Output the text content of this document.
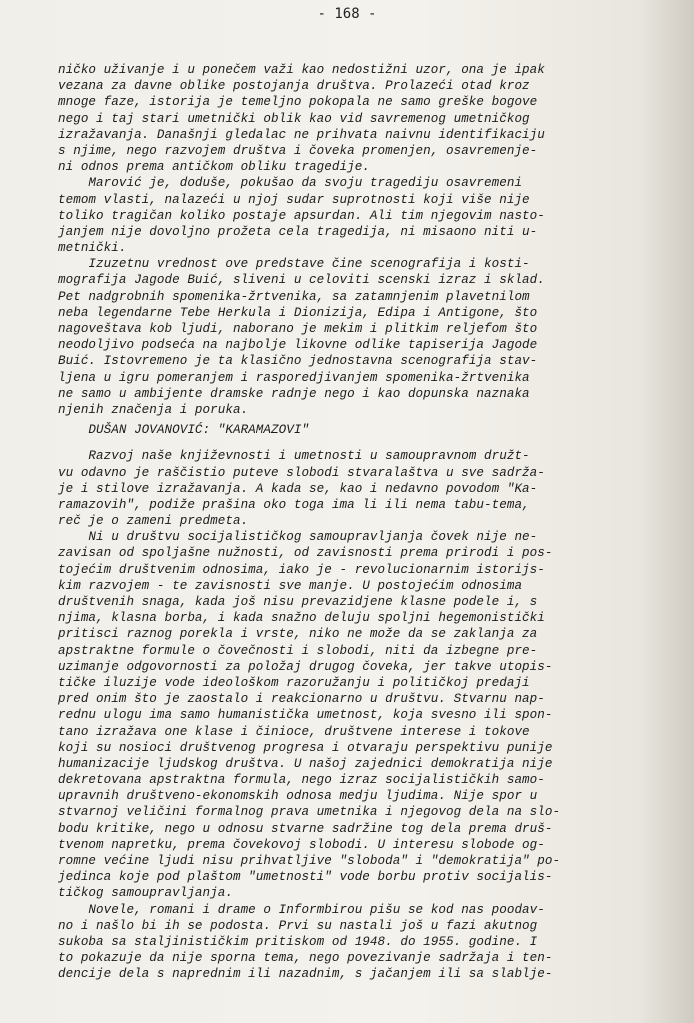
- 168 -
ničko uživanje i u ponečem važi kao nedostižni uzor, ona je ipak
vezana za davne oblike postojanja društva. Prolazeći otad kroz
mnoge faze, istorija je temeljno pokopala ne samo greške bogove
nego i taj stari umetnički oblik kao vid savremenog umetničkog
izražavanja. Današnji gledalac ne prihvata naivnu identifikaciju
s njime, nego razvojem društva i čoveka promenjen, osavremenje-
ni odnos prema antičkom obliku tragedije.
Marović je, doduše, pokušao da svoju tragediju osavremeni
temom vlasti, nalazeći u njoj sudar suprotnosti koji više nije
toliko tragičan koliko postaje apsurdan. Ali tim njegovim nasto-
janjem nije dovoljno prožeta cela tragedija, ni misaono niti u-
metnički.
Izuzetnu vrednost ove predstave čine scenografija i kosti-
mografija Jagode Buić, sliveni u celoviti scenski izraz i sklad.
Pet nadgrobnih spomenika-žrtvenika, sa zatamnjenim plavetnilom
neba legendarne Tebe Herkula i Dionizija, Edipa i Antigone, što
nagoveštava kob ljudi, naborano je mekim i plitkim reljefom što
neodoljivo podseća na najbolje likovne odlike tapiserija Jagode
Buić. Istovremeno je ta klasično jednostavna scenografija stav-
ljena u igru pomeranjem i rasporedjivanjem spomenika-žrtvenika
ne samo u ambijente dramske radnje nego i kao dopunska naznaka
njenih značenja i poruka.
DUŠAN JOVANOVIĆ: "KARAMAZOVI"
Razvoj naše književnosti i umetnosti u samoupravnom družt-
vu odavno je raščistio puteve slobodi stvaralaštva u sve sadrža-
je i stilove izražavanja. A kada se, kao i nedavno povodom "Ka-
ramazovih", podiže prašina oko toga ima li ili nema tabu-tema,
reč je o zameni predmeta.
Ni u društvu socijalističkog samoupravljanja čovek nije ne-
zavisan od spoljašne nužnosti, od zavisnosti prema prirodi i pos-
tojećim društvenim odnosima, iako je - revolucionarnim istorijs-
kim razvojem - te zavisnosti sve manje. U postojećim odnosima
društvenih snaga, kada još nisu prevazidjene klasne podele i, s
njima, klasna borba, i kada snažno deluju spoljni hegemonistički
pritisci raznog porekla i vrste, niko ne može da se zaklanja za
apstraktne formule o čovečnosti i slobodi, niti da izbegne pre-
uzimanje odgovornosti za položaj drugog čoveka, jer takve utopis-
tičke iluzije vode ideološkom razoružanju i političkoj predaji
pred onim što je zaostalo i reakcionarno u društvu. Stvarnu nap-
rednu ulogu ima samo humanistička umetnost, koja svesno ili spon-
tano izražava one klase i činioce, društvene interese i tokove
koji su nosioci društvenog progresa i otvaraju perspektivu punije
humanizacije ljudskog društva. U našoj zajednici demokratija nije
dekretovana apstraktna formula, nego izraz socijalističkih samo-
upravnih društveno-ekonomskih odnosa medju ljudima. Nije spor u
stvarnoj veličini formalnog prava umetnika i njegovog dela na slo-
bodu kritike, nego u odnosu stvarne sadržine tog dela prema druš-
tvenom napretku, prema čovekovoj slobodi. U interesu slobode og-
romne većine ljudi nisu prihvatljive "sloboda" i "demokratija" po-
jedinca koje pod plaštom "umetnosti" vode borbu protiv socijalis-
tičkog samoupravljanja.
Novele, romani i drame o Informbirou pišu se kod nas poodav-
no i našlo bi ih se podosta. Prvi su nastali još u fazi akutnog
sukoba sa staljinističkim pritiskom od 1948. do 1955. godine. I
to pokazuje da nije sporna tema, nego povezivanje sadržaja i ten-
dencije dela s naprednim ili nazadnim, s jačanjem ili sa slablje-
